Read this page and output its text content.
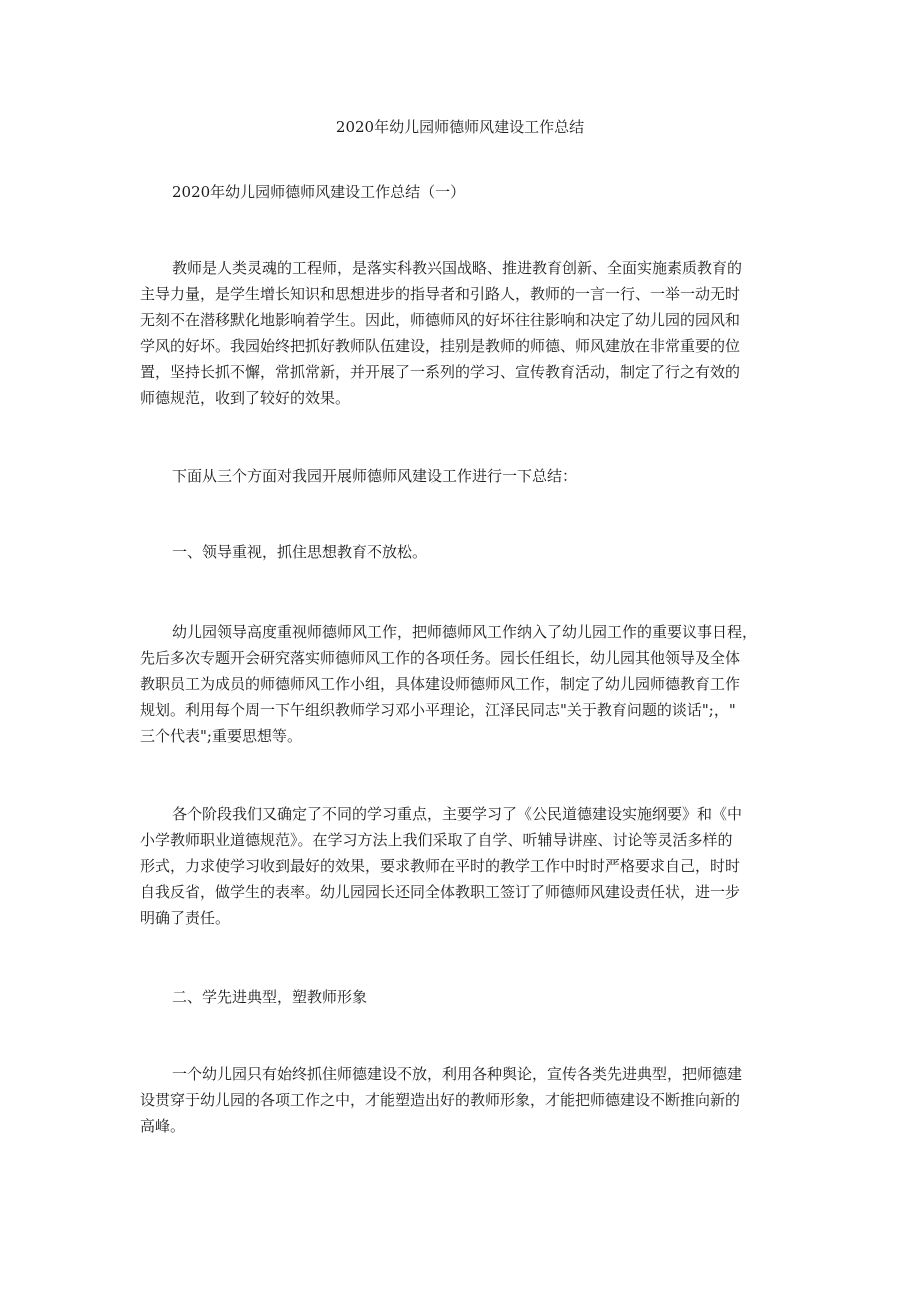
2020年幼儿园师德师风建设工作总结

2020年幼儿园师德师风建设工作总结（一）

教师是人类灵魂的工程师，是落实科教兴国战略、推进教育创新、全面实施素质教育的
主导力量，是学生增长知识和思想进步的指导者和引路人，教师的一言一行、一举一动无时
无刻不在潜移默化地影响着学生。因此，师德师风的好坏往往影响和决定了幼儿园的园风和
学风的好坏。我园始终把抓好教师队伍建设，挂别是教师的师德、师风建放在非常重要的位
置，坚持长抓不懈，常抓常新，并开展了一系列的学习、宣传教育活动，制定了行之有效的
师德规范，收到了较好的效果。

下面从三个方面对我园开展师德师风建设工作进行一下总结：

一、领导重视，抓住思想教育不放松。

幼儿园领导高度重视师德师风工作，把师德师风工作纳入了幼儿园工作的重要议事日程，
先后多次专题开会研究落实师德师风工作的各项任务。园长任组长，幼儿园其他领导及全体
教职员工为成员的师德师风工作小组，具体建设师德师风工作，制定了幼儿园师德教育工作
规划。利用每个周一下午组织教师学习邓小平理论，江泽民同志"关于教育问题的谈话";，"
三个代表";重要思想等。
各个阶段我们又确定了不同的学习重点，主要学习了《公民道德建设实施纲要》和《中
小学教师职业道德规范》。在学习方法上我们采取了自学、听辅导讲座、讨论等灵活多样的
形式，力求使学习收到最好的效果，要求教师在平时的教学工作中时时严格要求自己，时时
自我反省，做学生的表率。幼儿园园长还同全体教职工签订了师德师风建设责任状，进一步
明确了责任。

二、学先进典型，塑教师形象

一个幼儿园只有始终抓住师德建设不放，利用各种舆论，宣传各类先进典型，把师德建
设贯穿于幼儿园的各项工作之中，才能塑造出好的教师形象，才能把师德建设不断推向新的
高峰。
